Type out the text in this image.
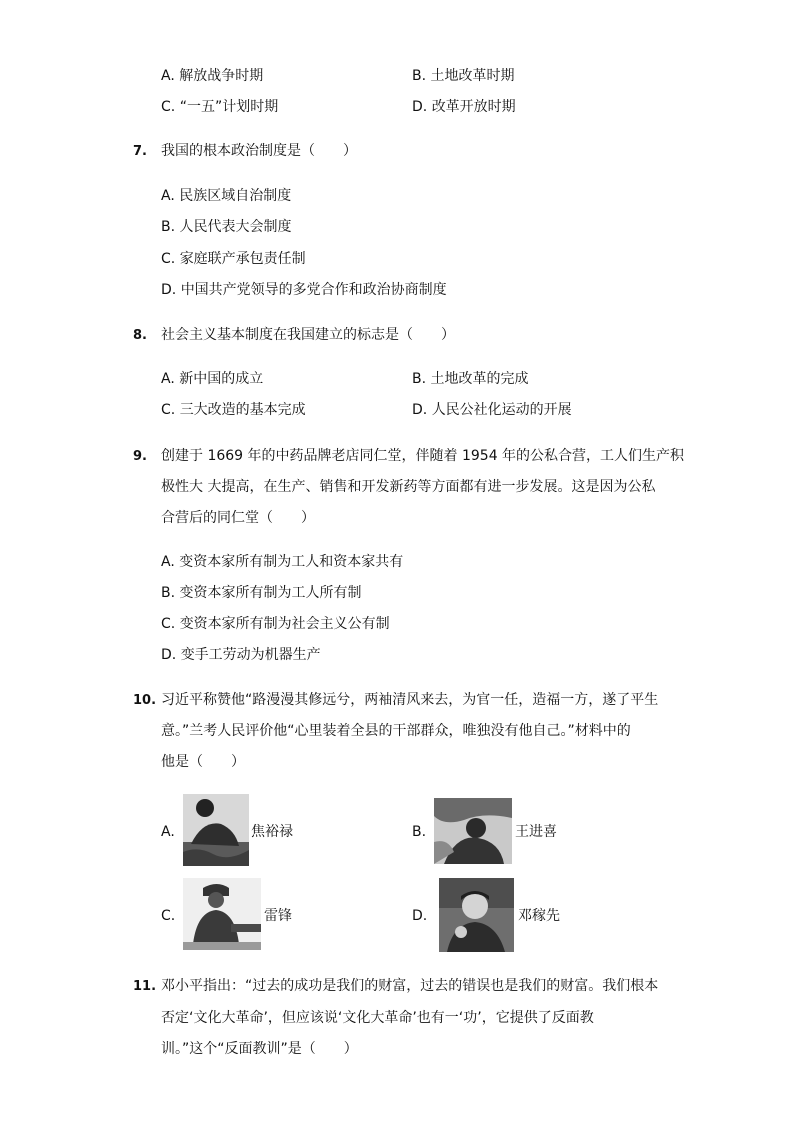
A. 解放战争时期	B. 土地改革时期
C. “一五”计划时期	D. 改革开放时期
7. 我国的根本政治制度是（　　）
A. 民族区域自治制度
B. 人民代表大会制度
C. 家庭联产承包责任制
D. 中国共产党领导的多党合作和政治协商制度
8. 社会主义基本制度在我国建立的标志是（　　）
A. 新中国的成立	B. 土地改革的完成
C. 三大改造的基本完成	D. 人民公社化运动的开展
9. 创建于 1669 年的中药品牌老店同仁堂，伴随着 1954 年的公私合营，工人们生产积
极性大 大提高，在生产、销售和开发新药等方面都有进一步发展。这是因为公私
合营后的同仁堂（　　）
A. 变资本家所有制为工人和资本家共有
B. 变资本家所有制为工人所有制
C. 变资本家所有制为社会主义公有制
D. 变手工劳动为机器生产
10. 习近平称赞他“路漫漫其修远兮，两袖清风来去，为官一任，造福一方，遂了平生
意。”兰考人民评价他“心里装着全县的干部群众，唯独没有他自己。”材料中的
他是（　　）
A.	焦裕禄	B.	王进喜
C.	雷锋	D.	邓稼先
11. 邓小平指出：“过去的成功是我们的财富，过去的错误也是我们的财富。我们根本
否定‘文化大革命’，但应该说‘文化大革命’也有一‘功’，它提供了反面教
训。”这个“反面教训”是（　　）
